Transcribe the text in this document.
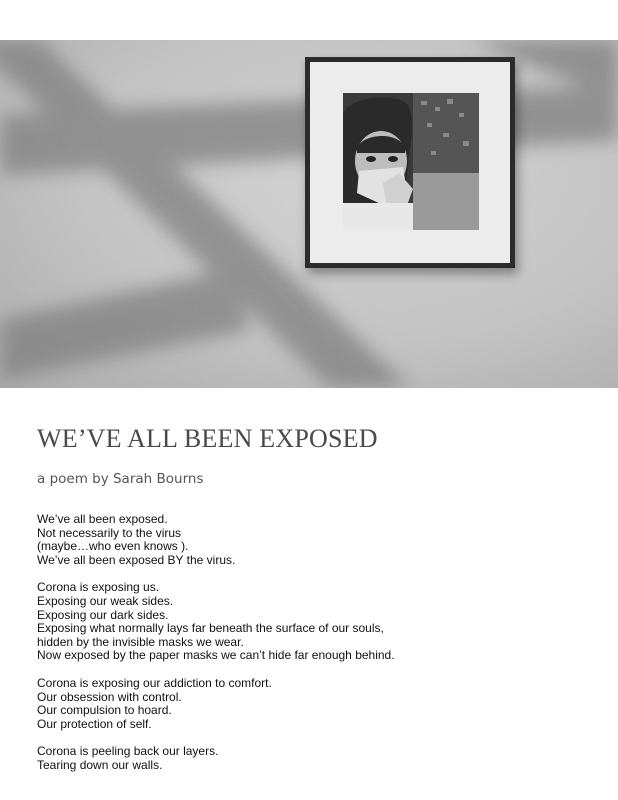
WE’VE ALL BEEN EXPOSED

a poem by Sarah Bourns

We’ve all been exposed.
Not necessarily to the virus
(maybe…who even knows ).
We’ve all been exposed BY the virus.

Corona is exposing us.
Exposing our weak sides.
Exposing our dark sides.
Exposing what normally lays far beneath the surface of our souls,
hidden by the invisible masks we wear.
Now exposed by the paper masks we can’t hide far enough behind.

Corona is exposing our addiction to comfort.
Our obsession with control.
Our compulsion to hoard.
Our protection of self.

Corona is peeling back our layers.
Tearing down our walls.
